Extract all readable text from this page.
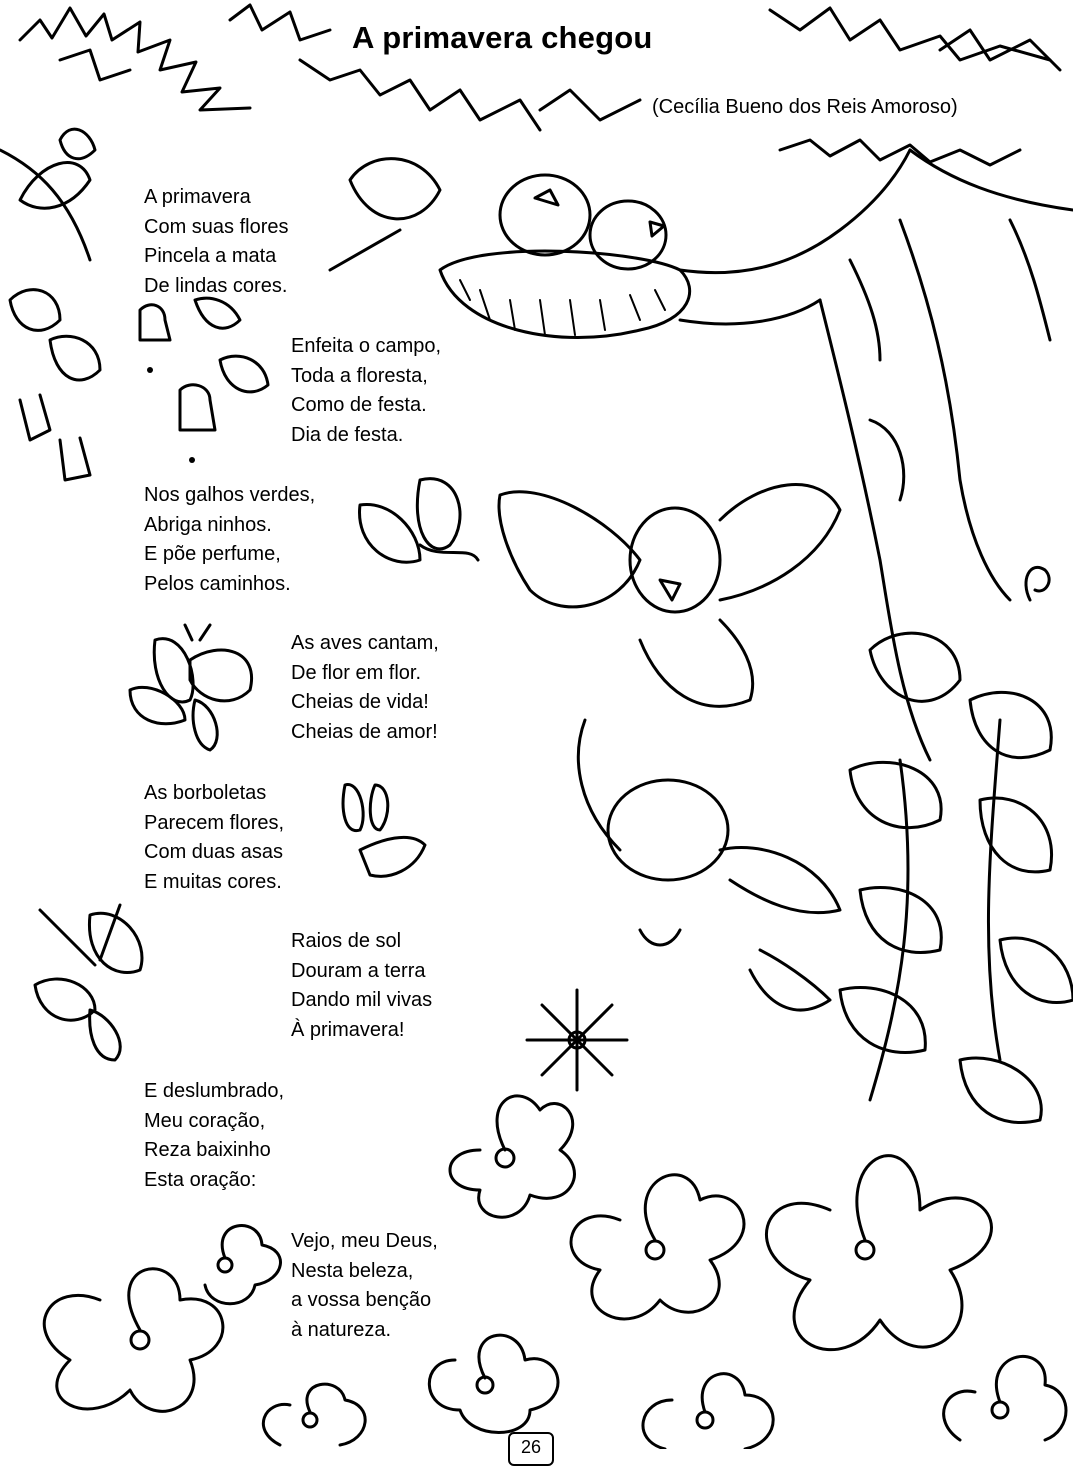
A primavera chegou

(Cecília Bueno dos Reis Amoroso)

A primavera
Com suas flores
Pincela a mata
De lindas cores.
Enfeita o campo,
Toda a floresta,
Como de festa.
Dia de festa.
Nos galhos verdes,
Abriga ninhos.
E põe perfume,
Pelos caminhos.
As aves cantam,
De flor em flor.
Cheias de vida!
Cheias de amor!
As borboletas
Parecem flores,
Com duas asas
E muitas cores.
Raios de sol
Douram a terra
Dando mil vivas
À primavera!
E deslumbrado,
Meu coração,
Reza baixinho
Esta oração:
Vejo, meu Deus,
Nesta beleza,
a vossa benção
à natureza.
26
